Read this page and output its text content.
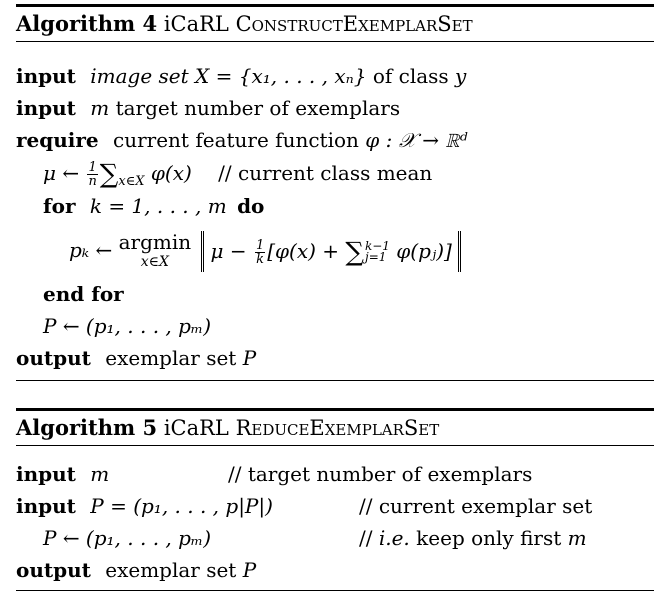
Algorithm 4 iCaRL ConstructExemplarSet
input image set X = {x₁, . . . , xₙ} of class y
input m target number of exemplars
require current feature function φ : 𝒳 → ℝᵈ
μ ← $\frac{1}{n} \sum_{x\in X}$ φ(x) // current class mean
for k = 1, . . . , m do
pₖ ← argmin
x∈X	$\mu - \frac{1}{k} [\varphi(x)$ + ∑ k−1
j=1 φ(pⱼ)]
end for
P ← (p₁, . . . , pₘ)
output exemplar set P
Algorithm 5 iCaRL ReduceExemplarSet
input m	// target number of exemplars
input P = (p₁, . . . , p|P|)	// current exemplar set
P ← (p₁, . . . , pₘ)	// i.e. keep only first m
output exemplar set P
